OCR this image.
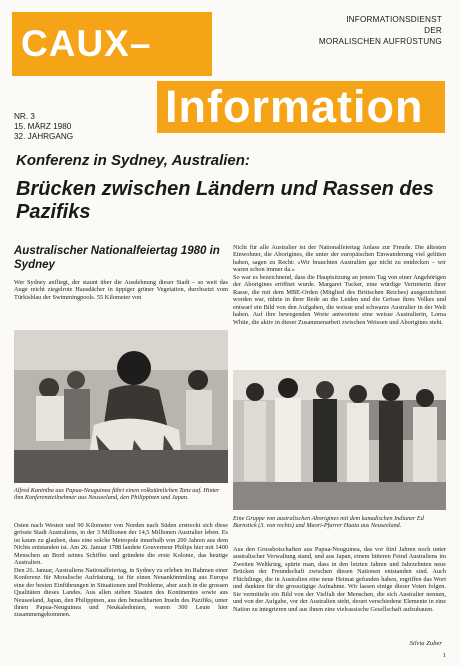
CAUX–
INFORMATIONSDIENST
DER
MORALISCHEN AUFRÜSTUNG
NR. 3
15. MÄRZ 1980
32. JAHRGANG
Information
Konferenz in Sydney, Australien:
Brücken zwischen Ländern und Rassen des Pazifiks
Australischer Nationalfeiertag 1980 in Sydney
Wer Sydney anfliegt, der staunt über die Ausdehnung dieser Stadt – so weit das Auge reicht ziegelrote Hausdächer in üppiger grüner Vegetation, durchsetzt vom Türkisblau der Swimmingpools. 55 Kilometer von
Alfred Kaniniba aus Papua-Neuguinea führt einen volkstümlichen Tanz auf. Hinter ihm Konferenzteilnehmer aus Neuseeland, den Philippinen und Japan.

Osten nach Westen und 90 Kilometer von Norden nach Süden erstreckt sich diese grösste Stadt Australiens, in der 3 Millionen der 14,5 Millionen Australier leben. Es ist kaum zu glauben, dass eine solche Metropole innerhalb von 200 Jahren aus dem Nichts entstanden ist. Am 26. Januar 1788 landete Gouverneur Philips hier mit 1400 Menschen an Bord seines Schiffes und gründete die erste Kolonie, das heutige Australien.

Den 26. Januar, Australiens Nationalfeiertag, in Sydney zu erleben im Rahmen einer Konferenz für Moralische Aufrüstung, ist für einen Neuankömmling aus Europa eine der besten Einführungen in Situationen und Probleme, aber auch in die grossen Qualitäten dieses Landes. Aus allen sieben Staaten des Kontinentes sowie aus Neuseeland, Japan, den Philippinen, aus den benachbarten Inseln des Pazifiks, unter ihnen Papua-Neuguinea und Neukaledonien, waren 300 Leute hier zusammengekommen.

Nicht für alle Australier ist der Nationalfeiertag Anlass zur Freude. Die ältesten Einwohner, die Aborigines, die unter der europäischen Einwanderung viel gelitten haben, sagen zu Recht: «Wir brauchten Australien gar nicht zu entdecken – wir waren schon immer da.»

So war es bezeichnend, dass die Hauptsitzung an jenem Tag von einer Angehörigen der Aborigines eröffnet wurde. Margaret Tucker, eine würdige Vertreterin ihrer Rasse, die mit dem MBE-Orden (Mitglied des Britischen Reiches) ausgezeichnet worden war, rührte in ihrer Rede an die Leiden und die Grösse ihres Volkes und entwarf ein Bild von den Aufgaben, die weisse und schwarze Australier in der Welt haben. Auf ihre bewegenden Worte antwortete eine weisse Australierin, Lorna White, die aktiv in dieser Zusammenarbeit zwischen Weissen und Aborigines steht.

Eine Gruppe von australischen Aborigines mit dem kanadischen Indianer Ed Burnstick (3. von rechts) und Maori-Pfarrer Huata aus Neuseeland.
Aus den Grussbotschaften aus Papua-Neuguinea, das vor fünf Jahren noch unter australischer Verwaltung stand, und aus Japan, einem bitteren Feind Australiens im Zweiten Weltkrieg, spürte man, dass in den letzten Jahren und Jahrzehnten neue Brücken der Freundschaft zwischen diesen Nationen entstanden sind. Auch Flüchtlinge, die in Australien eine neue Heimat gefunden haben, ergriffen das Wort und dankten für die grosszügige Aufnahme. Wir lassen einige dieser Voten folgen. Sie vermitteln ein Bild von der Vielfalt der Menschen, die sich Australier nennen, und von der Aufgabe, vor der Australien steht, derart verschiedene Elemente in eine Nation zu integrieren und aus ihnen eine vielrassische Gesellschaft aufzubauen.
Silvia Zuber
1
